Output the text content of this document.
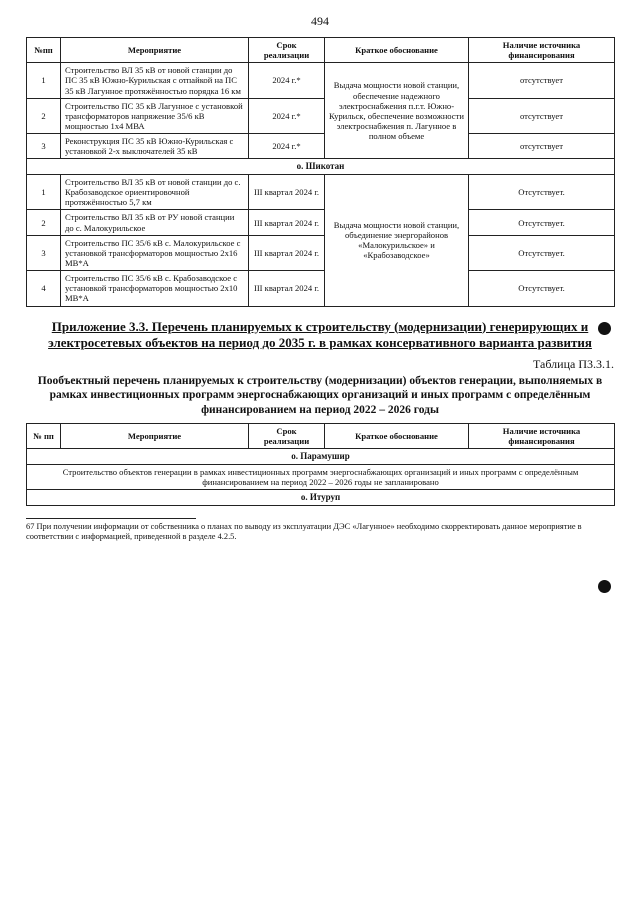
494
№пп	Мероприятие	Срок реализации	Краткое обоснование	Наличие источника финансирования
1	Строительство ВЛ 35 кВ от новой станции до ПС 35 кВ Южно-Курильская с отпайкой на ПС 35 кВ Лагунное протяжённостью порядка 16 км	2024 г.*	Выдача мощности новой станции, обеспечение надежного электроснабжения п.г.т. Южно-Курильск, обеспечение возможности электроснабжения п. Лагунное в полном объеме	отсутствует
2	Строительство ПС 35 кВ Лагунное с установкой трансформаторов напряжение 35/6 кВ мощностью 1х4 МВА	2024 г.*		отсутствует
3	Реконструкция ПС 35 кВ Южно-Курильская с установкой 2-х выключателей 35 кВ	2024 г.*		отсутствует
о. Шикотан				
1	Строительство ВЛ 35 кВ от новой станции до с. Крабозаводское ориентировочной протяжённостью 5,7 км	III квартал 2024 г.	Выдача мощности новой станции, объединение энергорайонов «Малокурильское» и «Крабозаводское»	Отсутствует.
2	Строительство ВЛ 35 кВ от РУ новой станции до с. Малокурильское	III квартал 2024 г.		Отсутствует.
3	Строительство ПС 35/6 кВ с. Малокурильское с установкой трансформаторов мощностью 2х16 МВ*А	III квартал 2024 г.		Отсутствует.
4	Строительство ПС 35/6 кВ с. Крабозаводское с установкой трансформаторов мощностью 2х10 МВ*А	III квартал 2024 г.		Отсутствует.
Приложение 3.3. Перечень планируемых к строительству (модернизации) генерирующих и электросетевых объектов на период до 2035 г. в рамках консервативного варианта развития
Таблица П3.3.1.
Пообъектный перечень планируемых к строительству (модернизации) объектов генерации, выполняемых в рамках инвестиционных программ энергоснабжающих организаций и иных программ с определённым финансированием на период 2022 – 2026 годы
№ пп	Мероприятие	Срок реализации	Краткое обоснование	Наличие источника финансирования
о. Парамушир
Строительство объектов генерации в рамках инвестиционных программ энергоснабжающих организаций и иных программ с определённым финансированием на период 2022 – 2026 годы не запланировано
о. Итуруп
67 При получении информации от собственника о планах по выводу из эксплуатации ДЭС «Лагунное» необходимо скорректировать данное мероприятие в соответствии с информацией, приведенной в разделе 4.2.5.
